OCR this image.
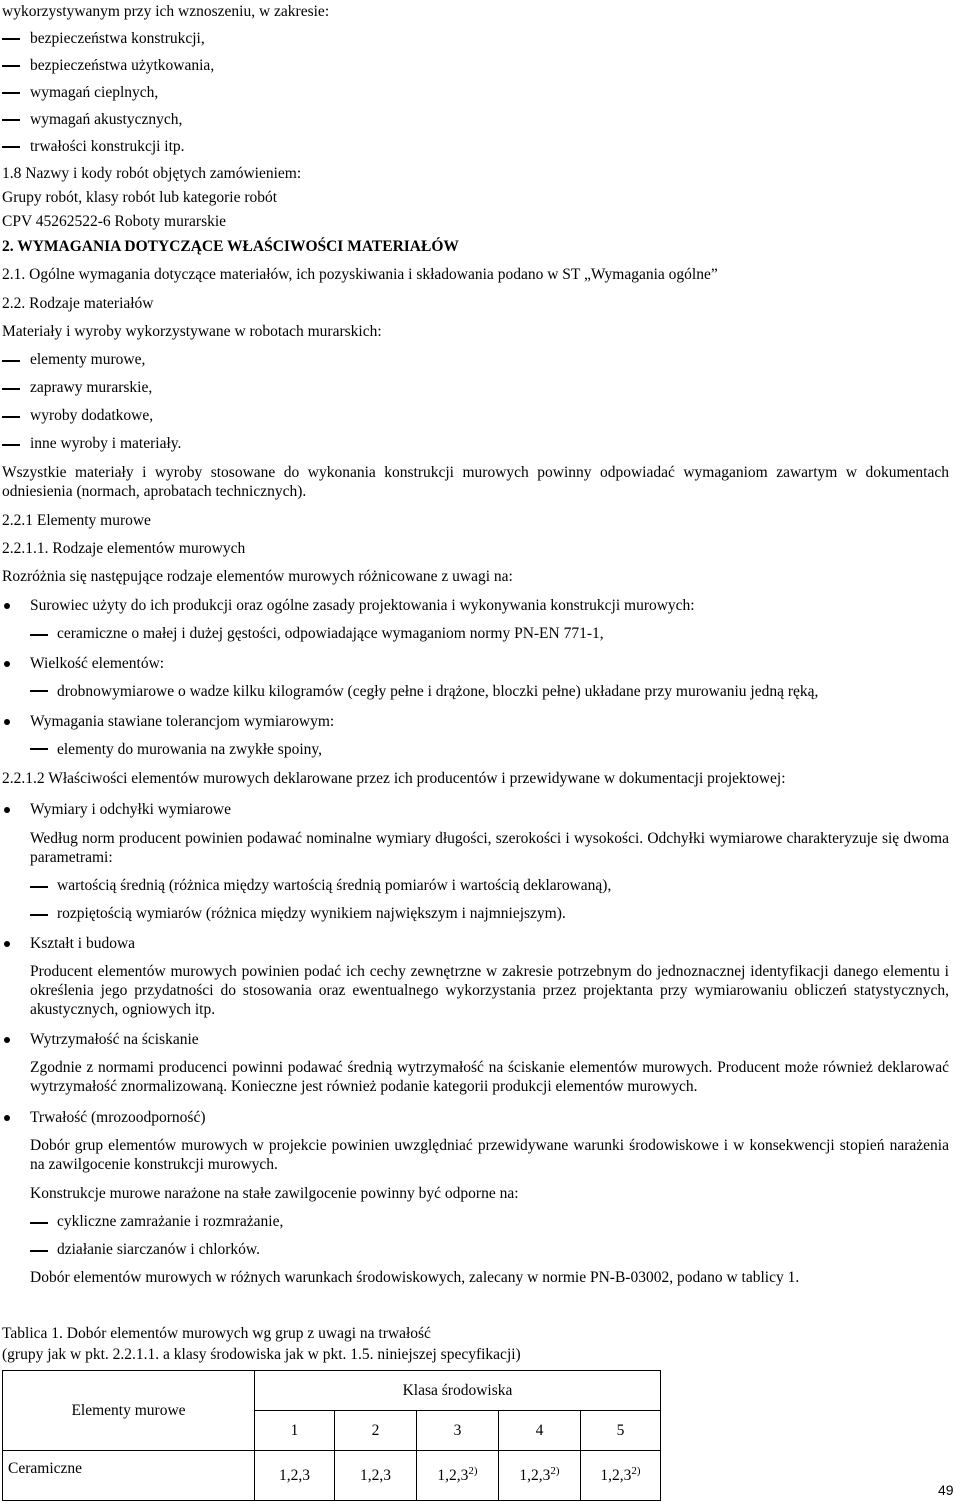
wykorzystywanym przy ich wznoszeniu, w zakresie:
bezpieczeństwa konstrukcji,
bezpieczeństwa użytkowania,
wymagań cieplnych,
wymagań akustycznych,
trwałości konstrukcji itp.
1.8 Nazwy i kody robót objętych zamówieniem:
Grupy robót, klasy robót lub kategorie robót
CPV 45262522-6 Roboty murarskie
2. WYMAGANIA DOTYCZĄCE WŁAŚCIWOŚCI MATERIAŁÓW
2.1. Ogólne wymagania dotyczące materiałów, ich pozyskiwania i składowania podano w ST „Wymagania ogólne”
2.2. Rodzaje materiałów
Materiały i wyroby wykorzystywane w robotach murarskich:
elementy murowe,
zaprawy murarskie,
wyroby dodatkowe,
inne wyroby i materiały.
Wszystkie materiały i wyroby stosowane do wykonania konstrukcji murowych powinny odpowiadać wymaganiom zawartym w dokumentach odniesienia (normach, aprobatach technicznych).
2.2.1 Elementy murowe
2.2.1.1. Rodzaje elementów murowych
Rozróżnia się następujące rodzaje elementów murowych różnicowane z uwagi na:
Surowiec użyty do ich produkcji oraz ogólne zasady projektowania i wykonywania konstrukcji murowych:
ceramiczne o małej i dużej gęstości, odpowiadające wymaganiom normy PN-EN 771-1,
Wielkość elementów:
drobnowymiarowe o wadze kilku kilogramów (cegły pełne i drążone, bloczki pełne) układane przy murowaniu jedną ręką,
Wymagania stawiane tolerancjom wymiarowym:
elementy do murowania na zwykłe spoiny,
2.2.1.2 Właściwości elementów murowych deklarowane przez ich producentów i przewidywane w dokumentacji projektowej:
Wymiary i odchyłki wymiarowe
Według norm producent powinien podawać nominalne wymiary długości, szerokości i wysokości. Odchyłki wymiarowe charakteryzuje się dwoma parametrami:
wartością średnią (różnica między wartością średnią pomiarów i wartością deklarowaną),
rozpiętością wymiarów (różnica między wynikiem największym i najmniejszym).
Kształt i budowa
Producent elementów murowych powinien podać ich cechy zewnętrzne w zakresie potrzebnym do jednoznacznej identyfikacji danego elementu i określenia jego przydatności do stosowania oraz ewentualnego wykorzystania przez projektanta przy wymiarowaniu obliczeń statystycznych, akustycznych, ogniowych itp.
Wytrzymałość na ściskanie
Zgodnie z normami producenci powinni podawać średnią wytrzymałość na ściskanie elementów murowych. Producent może również deklarować wytrzymałość znormalizowaną. Konieczne jest również podanie kategorii produkcji elementów murowych.
Trwałość (mrozoodporność)
Dobór grup elementów murowych w projekcie powinien uwzględniać przewidywane warunki środowiskowe i w konsekwencji stopień narażenia na zawilgocenie konstrukcji murowych.
Konstrukcje murowe narażone na stałe zawilgocenie powinny być odporne na:
cykliczne zamrażanie i rozmrażanie,
działanie siarczanów i chlorków.
Dobór elementów murowych w różnych warunkach środowiskowych, zalecany w normie PN-B-03002, podano w tablicy 1.
Tablica 1. Dobór elementów murowych wg grup z uwagi na trwałość
(grupy jak w pkt. 2.2.1.1. a klasy środowiska jak w pkt. 1.5. niniejszej specyfikacji)
Elementy murowe	Klasa środowiska				
	1	2	3	4	5
Ceramiczne	1,2,3	1,2,3	1,2,3$^{2)}$	1,2,3$^{2)}$	1,2,3$^{2)}$
49
